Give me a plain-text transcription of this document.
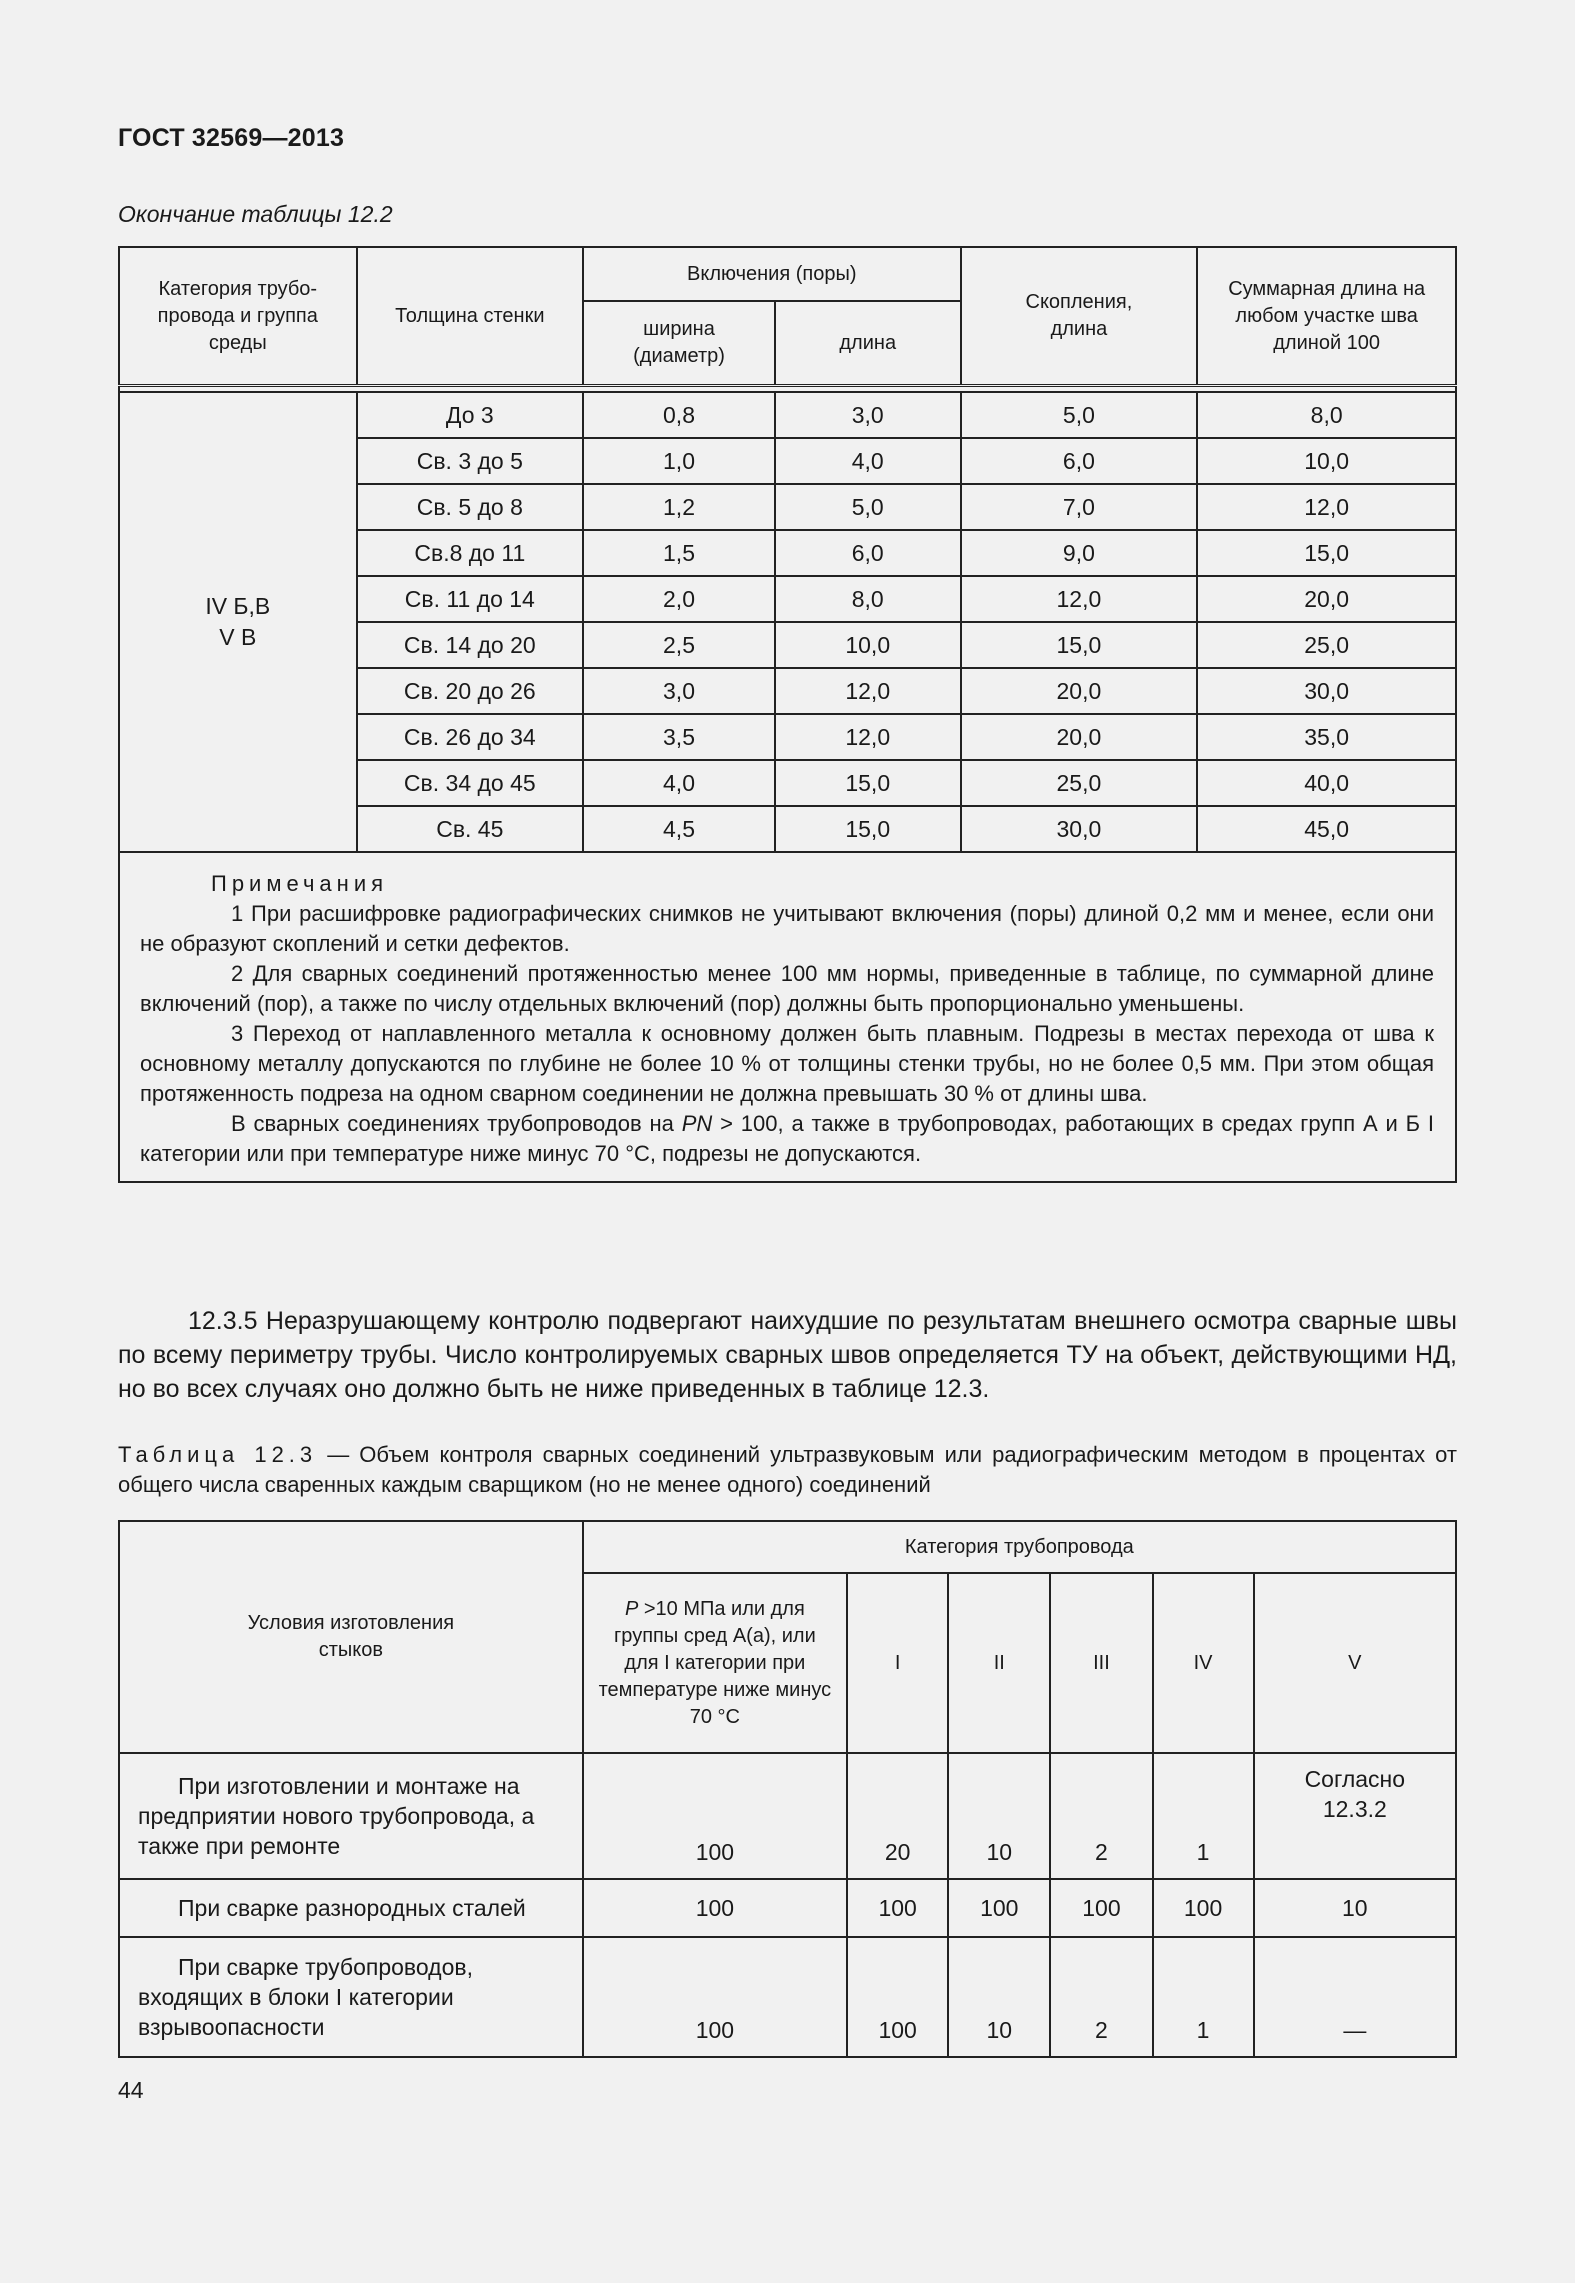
ГОСТ 32569—2013
Окончание таблицы 12.2
Категория трубо-провода и группа среды	Толщина стенки	Включения (поры)		Скопления, длина	Суммарная длина на любом участке шва длиной 100
		ширина (диаметр)	длина		

IV Б,В
V В	До 3	0,8	3,0	5,0	8,0
	Св. 3 до 5	1,0	4,0	6,0	10,0
	Св. 5 до 8	1,2	5,0	7,0	12,0
	Св.8 до 11	1,5	6,0	9,0	15,0
	Св. 11 до 14	2,0	8,0	12,0	20,0
	Св. 14 до 20	2,5	10,0	15,0	25,0
	Св. 20 до 26	3,0	12,0	20,0	30,0
	Св. 26 до 34	3,5	12,0	20,0	35,0
	Св. 34 до 45	4,0	15,0	25,0	40,0
	Св. 45	4,5	15,0	30,0	45,0

Примечания

1 При расшифровке радиографических снимков не учитывают включения (поры) длиной 0,2 мм и менее, если они не образуют скоплений и сетки дефектов.

2 Для сварных соединений протяженностью менее 100 мм нормы, приведенные в таблице, по суммарной длине включений (пор), а также по числу отдельных включений (пор) должны быть пропорционально уменьшены.

3 Переход от наплавленного металла к основному должен быть плавным. Подрезы в местах перехода от шва к основному металлу допускаются по глубине не более 10 % от толщины стенки трубы, но не более 0,5 мм. При этом общая протяженность подреза на одном сварном соединении не должна превышать 30 % от длины шва.

В сварных соединениях трубопроводов на PN > 100, а также в трубопроводах, работающих в средах групп А и Б I категории или при температуре ниже минус 70 °С, подрезы не допускаются.					

12.3.5 Неразрушающему контролю подвергают наихудшие по результатам внешнего осмотра сварные швы по всему периметру трубы. Число контролируемых сварных швов определяется ТУ на объект, действующими НД, но во всех случаях оно должно быть не ниже приведенных в таблице 12.3.

Таблица 12.3 — Объем контроля сварных соединений ультразвуковым или радиографическим методом в процентах от общего числа сваренных каждым сварщиком (но не менее одного) соединений

Условия изготовления стыков	Категория трубопровода					
	P >10 МПа или для группы сред А(а), или для I категории при температуре ниже минус 70 °С	I	II	III	IV	V
При изготовлении и монтаже на предприятии нового трубопровода, а также при ремонте	100	20	10	2	1	Согласно 12.3.2
При сварке разнородных сталей	100	100	100	100	100	10
При сварке трубопроводов, входящих в блоки I категории взрывоопасности	100	100	10	2	1	—
44
